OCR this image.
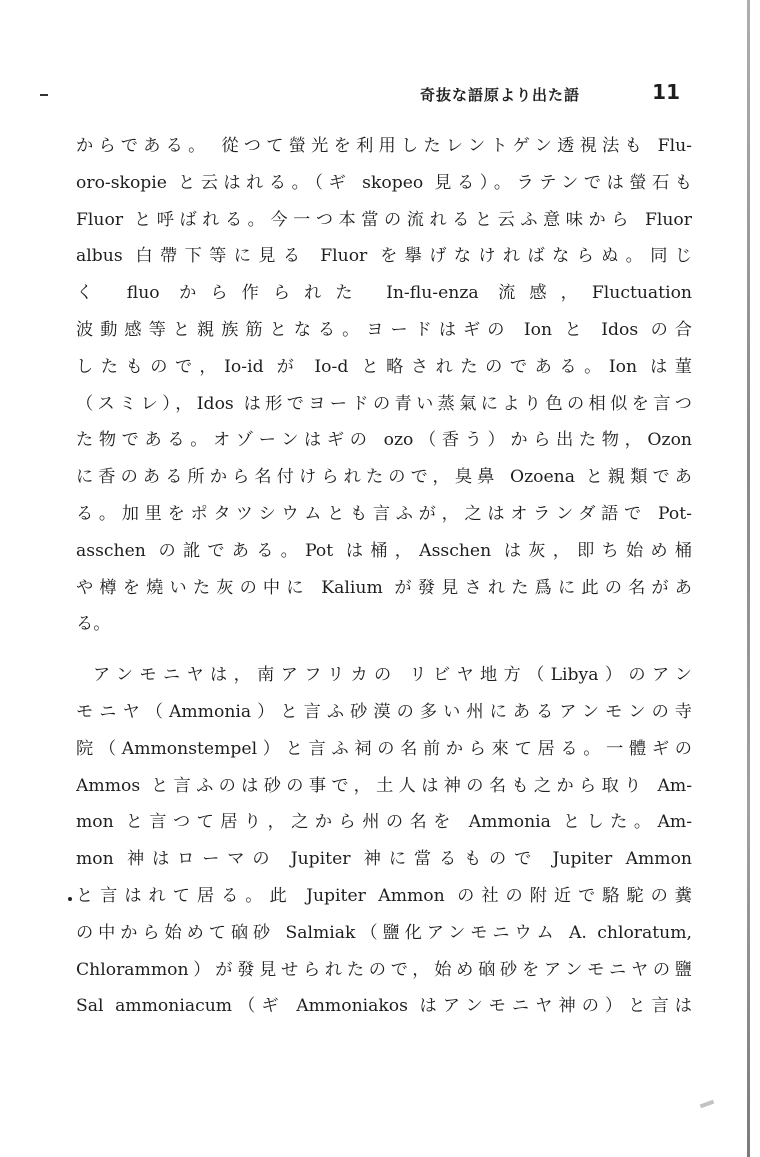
奇抜な語原より出た語	11
からである。 從つて螢光を利用したレントゲン透視法も Flu-
oro-skopie と云はれる。（ギ skopeo 見る）。ラテンでは螢石も
Fluor と呼ばれる。今一つ本當の流れると云ふ意味から Fluor
albus 白帶下等に見る Fluor を擧げなければならぬ。同じ
く fluo から作られた In-flu-enza 流感，Fluctuation
波動感等と親族筋となる。ヨードはギの Ion と Idos の合
したもので，Io-id が Io-d と略されたのである。Ion は菫
（スミレ），Idos は形でヨードの青い蒸氣により色の相似を言つ
た物である。オゾーンはギの ozo（香う）から出た物，Ozon
に香のある所から名付けられたので，臭鼻 Ozoena と親類であ
る。加里をポタツシウムとも言ふが，之はオランダ語で Pot-
asschen の訛である。Pot は桶，Asschen は灰，即ち始め桶
や樽を燒いた灰の中に Kalium が發見された爲に此の名があ
る。
アンモニヤは，南アフリカの リビヤ地方（Libya）のアン
モニヤ（Ammonia）と言ふ砂漠の多い州にあるアンモンの寺
院（Ammonstempel）と言ふ祠の名前から來て居る。一體ギの
Ammos と言ふのは砂の事で，土人は神の名も之から取り Am-
mon と言つて居り，之から州の名を Ammonia とした。Am-
mon 神はローマの Jupiter 神に當るもので Jupiter Ammon
と言はれて居る。此 Jupiter Ammon の社の附近で駱駝の糞
の中から始めて硇砂 Salmiak（鹽化アンモニウム A. chloratum,
Chlorammon）が發見せられたので，始め硇砂をアンモニヤの鹽
Sal ammoniacum（ギ Ammoniakos はアンモニヤ神の）と言は
